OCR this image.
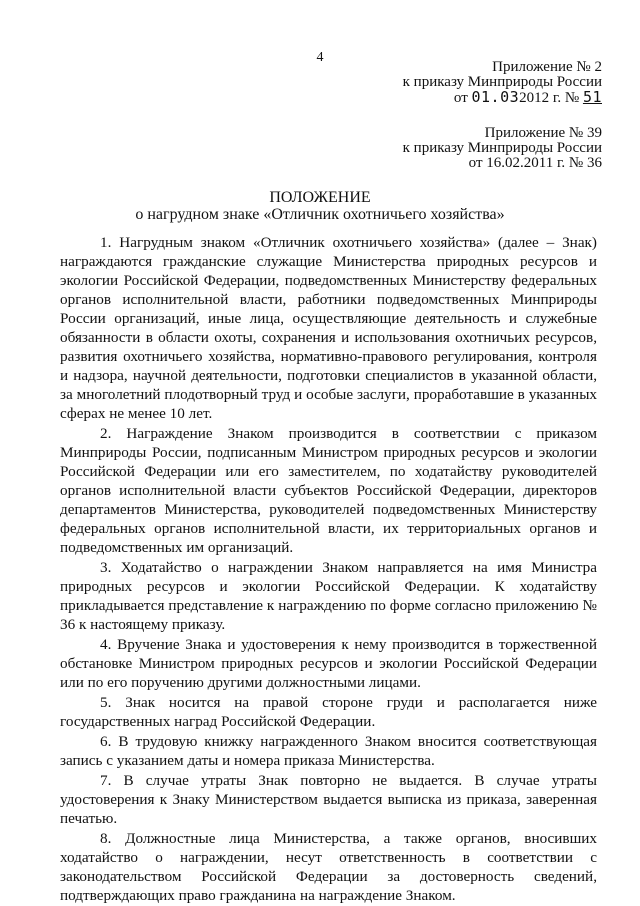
4
Приложение № 2
к приказу Минприроды России
от 01.032012 г. № 51
Приложение № 39
к приказу Минприроды России
от 16.02.2011 г. № 36
ПОЛОЖЕНИЕ
о нагрудном знаке «Отличник охотничьего хозяйства»

1. Нагрудным знаком «Отличник охотничьего хозяйства» (далее – Знак) награждаются гражданские служащие Министерства природных ресурсов и экологии Российской Федерации, подведомственных Министерству федеральных органов исполнительной власти, работники подведомственных Минприроды России организаций, иные лица, осуществляющие деятельность и служебные обязанности в области охоты, сохранения и использования охотничьих ресурсов, развития охотничьего хозяйства, нормативно-правового регулирования, контроля и надзора, научной деятельности, подготовки специалистов в указанной области, за многолетний плодотворный труд и особые заслуги, проработавшие в указанных сферах не менее 10 лет.

2. Награждение Знаком производится в соответствии с приказом Минприроды России, подписанным Министром природных ресурсов и экологии Российской Федерации или его заместителем, по ходатайству руководителей органов исполнительной власти субъектов Российской Федерации, директоров департаментов Министерства, руководителей подведомственных Министерству федеральных органов исполнительной власти, их территориальных органов и подведомственных им организаций.

3. Ходатайство о награждении Знаком направляется на имя Министра природных ресурсов и экологии Российской Федерации. К ходатайству прикладывается представление к награждению по форме согласно приложению № 36 к настоящему приказу.

4. Вручение Знака и удостоверения к нему производится в торжественной обстановке Министром природных ресурсов и экологии Российской Федерации или по его поручению другими должностными лицами.

5. Знак носится на правой стороне груди и располагается ниже государственных наград Российской Федерации.

6. В трудовую книжку награжденного Знаком вносится соответствующая запись с указанием даты и номера приказа Министерства.

7. В случае утраты Знак повторно не выдается. В случае утраты удостоверения к Знаку Министерством выдается выписка из приказа, заверенная печатью.

8. Должностные лица Министерства, а также органов, вносивших ходатайство о награждении, несут ответственность в соответствии с законодательством Российской Федерации за достоверность сведений, подтверждающих право гражданина на награждение Знаком.
